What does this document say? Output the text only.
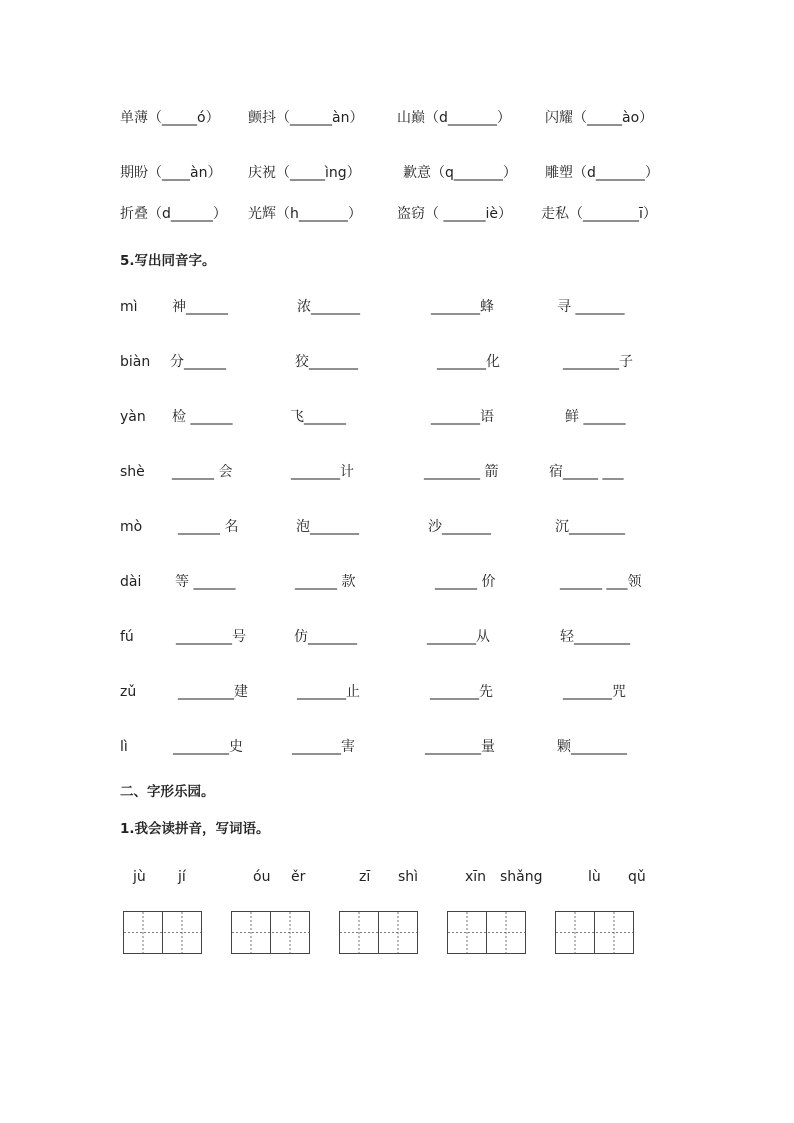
单薄（_____ó） 颤抖（______àn） 山巅（d_______） 闪耀（_____ào）
期盼（____àn） 庆祝（_____ìng）	歉意（q_______） 雕塑（d_______）
折叠（d______） 光辉（h_______）	盗窃（ ______iè） 走私（________ī）
5.写出同音字。
mì 神______	浓_______	_______蜂	寻 _______
biàn 分______	狡_______	_______化	________子
yàn 检 ______	飞______	_______语	鲜 ______
shè ______ 会	_______计	________ 箭	宿_____ ___
mò	______ 名	泡_______	沙_______	沉________
dài 等 ______	______ 款	______ 价	______ ___领
fú	________号	仿_______	_______从	轻________
zǔ	________建	_______止	_______先	_______咒
lì	________史	_______害	________量	颗________
二、字形乐园。
1.我会读拼音，写词语。
jù jí	óu ěr	zī shì	xīn shǎng	lù qǔ
